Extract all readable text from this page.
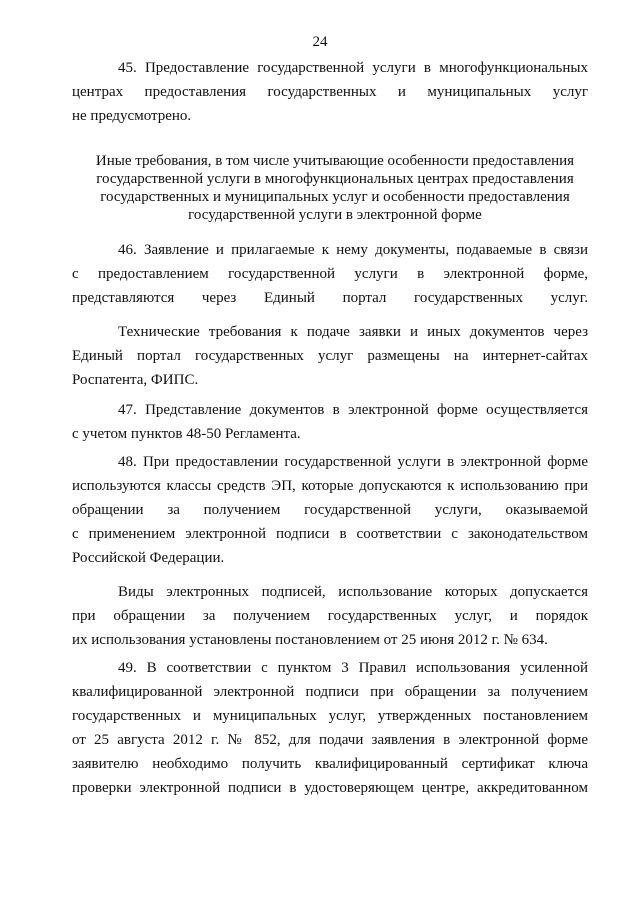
24
45. Предоставление государственной услуги в многофункциональных
центрах предоставления государственных и муниципальных услуг
не предусмотрено.
Иные требования, в том числе учитывающие особенности предоставления
государственной услуги в многофункциональных центрах предоставления
государственных и муниципальных услуг и особенности предоставления
государственной услуги в электронной форме
46. Заявление и прилагаемые к нему документы, подаваемые в связи
с предоставлением государственной услуги в электронной форме,
представляются через Единый портал государственных услуг.
Технические требования к подаче заявки и иных документов через
Единый портал государственных услуг размещены на интернет-сайтах
Роспатента, ФИПС.
47. Представление документов в электронной форме осуществляется
с учетом пунктов 48-50 Регламента.
48. При предоставлении государственной услуги в электронной форме
используются классы средств ЭП, которые допускаются к использованию при
обращении за получением государственной услуги, оказываемой
с применением электронной подписи в соответствии с законодательством
Российской Федерации.
Виды электронных подписей, использование которых допускается
при обращении за получением государственных услуг, и порядок
их использования установлены постановлением от 25 июня 2012 г. № 634.
49. В соответствии с пунктом 3 Правил использования усиленной
квалифицированной электронной подписи при обращении за получением
государственных и муниципальных услуг, утвержденных постановлением
от 25 августа 2012 г. № 852, для подачи заявления в электронной форме
заявителю необходимо получить квалифицированный сертификат ключа
проверки электронной подписи в удостоверяющем центре, аккредитованном
